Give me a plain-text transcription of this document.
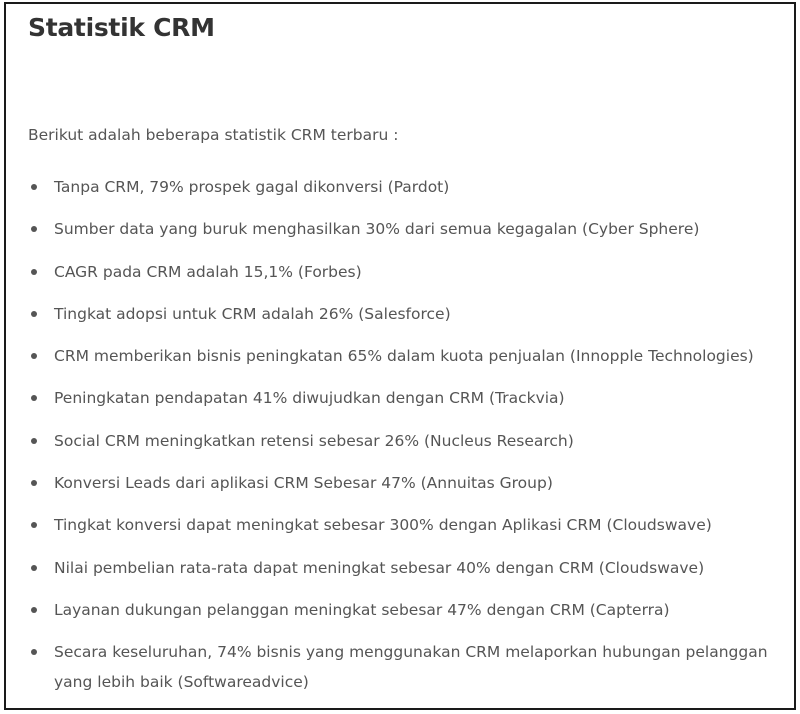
Statistik CRM

Berikut adalah beberapa statistik CRM terbaru :

Tanpa CRM, 79% prospek gagal dikonversi (Pardot)
Sumber data yang buruk menghasilkan 30% dari semua kegagalan (Cyber Sphere)
CAGR pada CRM adalah 15,1% (Forbes)
Tingkat adopsi untuk CRM adalah 26% (Salesforce)
CRM memberikan bisnis peningkatan 65% dalam kuota penjualan (Innopple Technologies)
Peningkatan pendapatan 41% diwujudkan dengan CRM (Trackvia)
Social CRM meningkatkan retensi sebesar 26% (Nucleus Research)
Konversi Leads dari aplikasi CRM Sebesar 47% (Annuitas Group)
Tingkat konversi dapat meningkat sebesar 300% dengan Aplikasi CRM (Cloudswave)
Nilai pembelian rata-rata dapat meningkat sebesar 40% dengan CRM (Cloudswave)
Layanan dukungan pelanggan meningkat sebesar 47% dengan CRM (Capterra)
Secara keseluruhan, 74% bisnis yang menggunakan CRM melaporkan hubungan pelanggan yang lebih baik (Softwareadvice)
